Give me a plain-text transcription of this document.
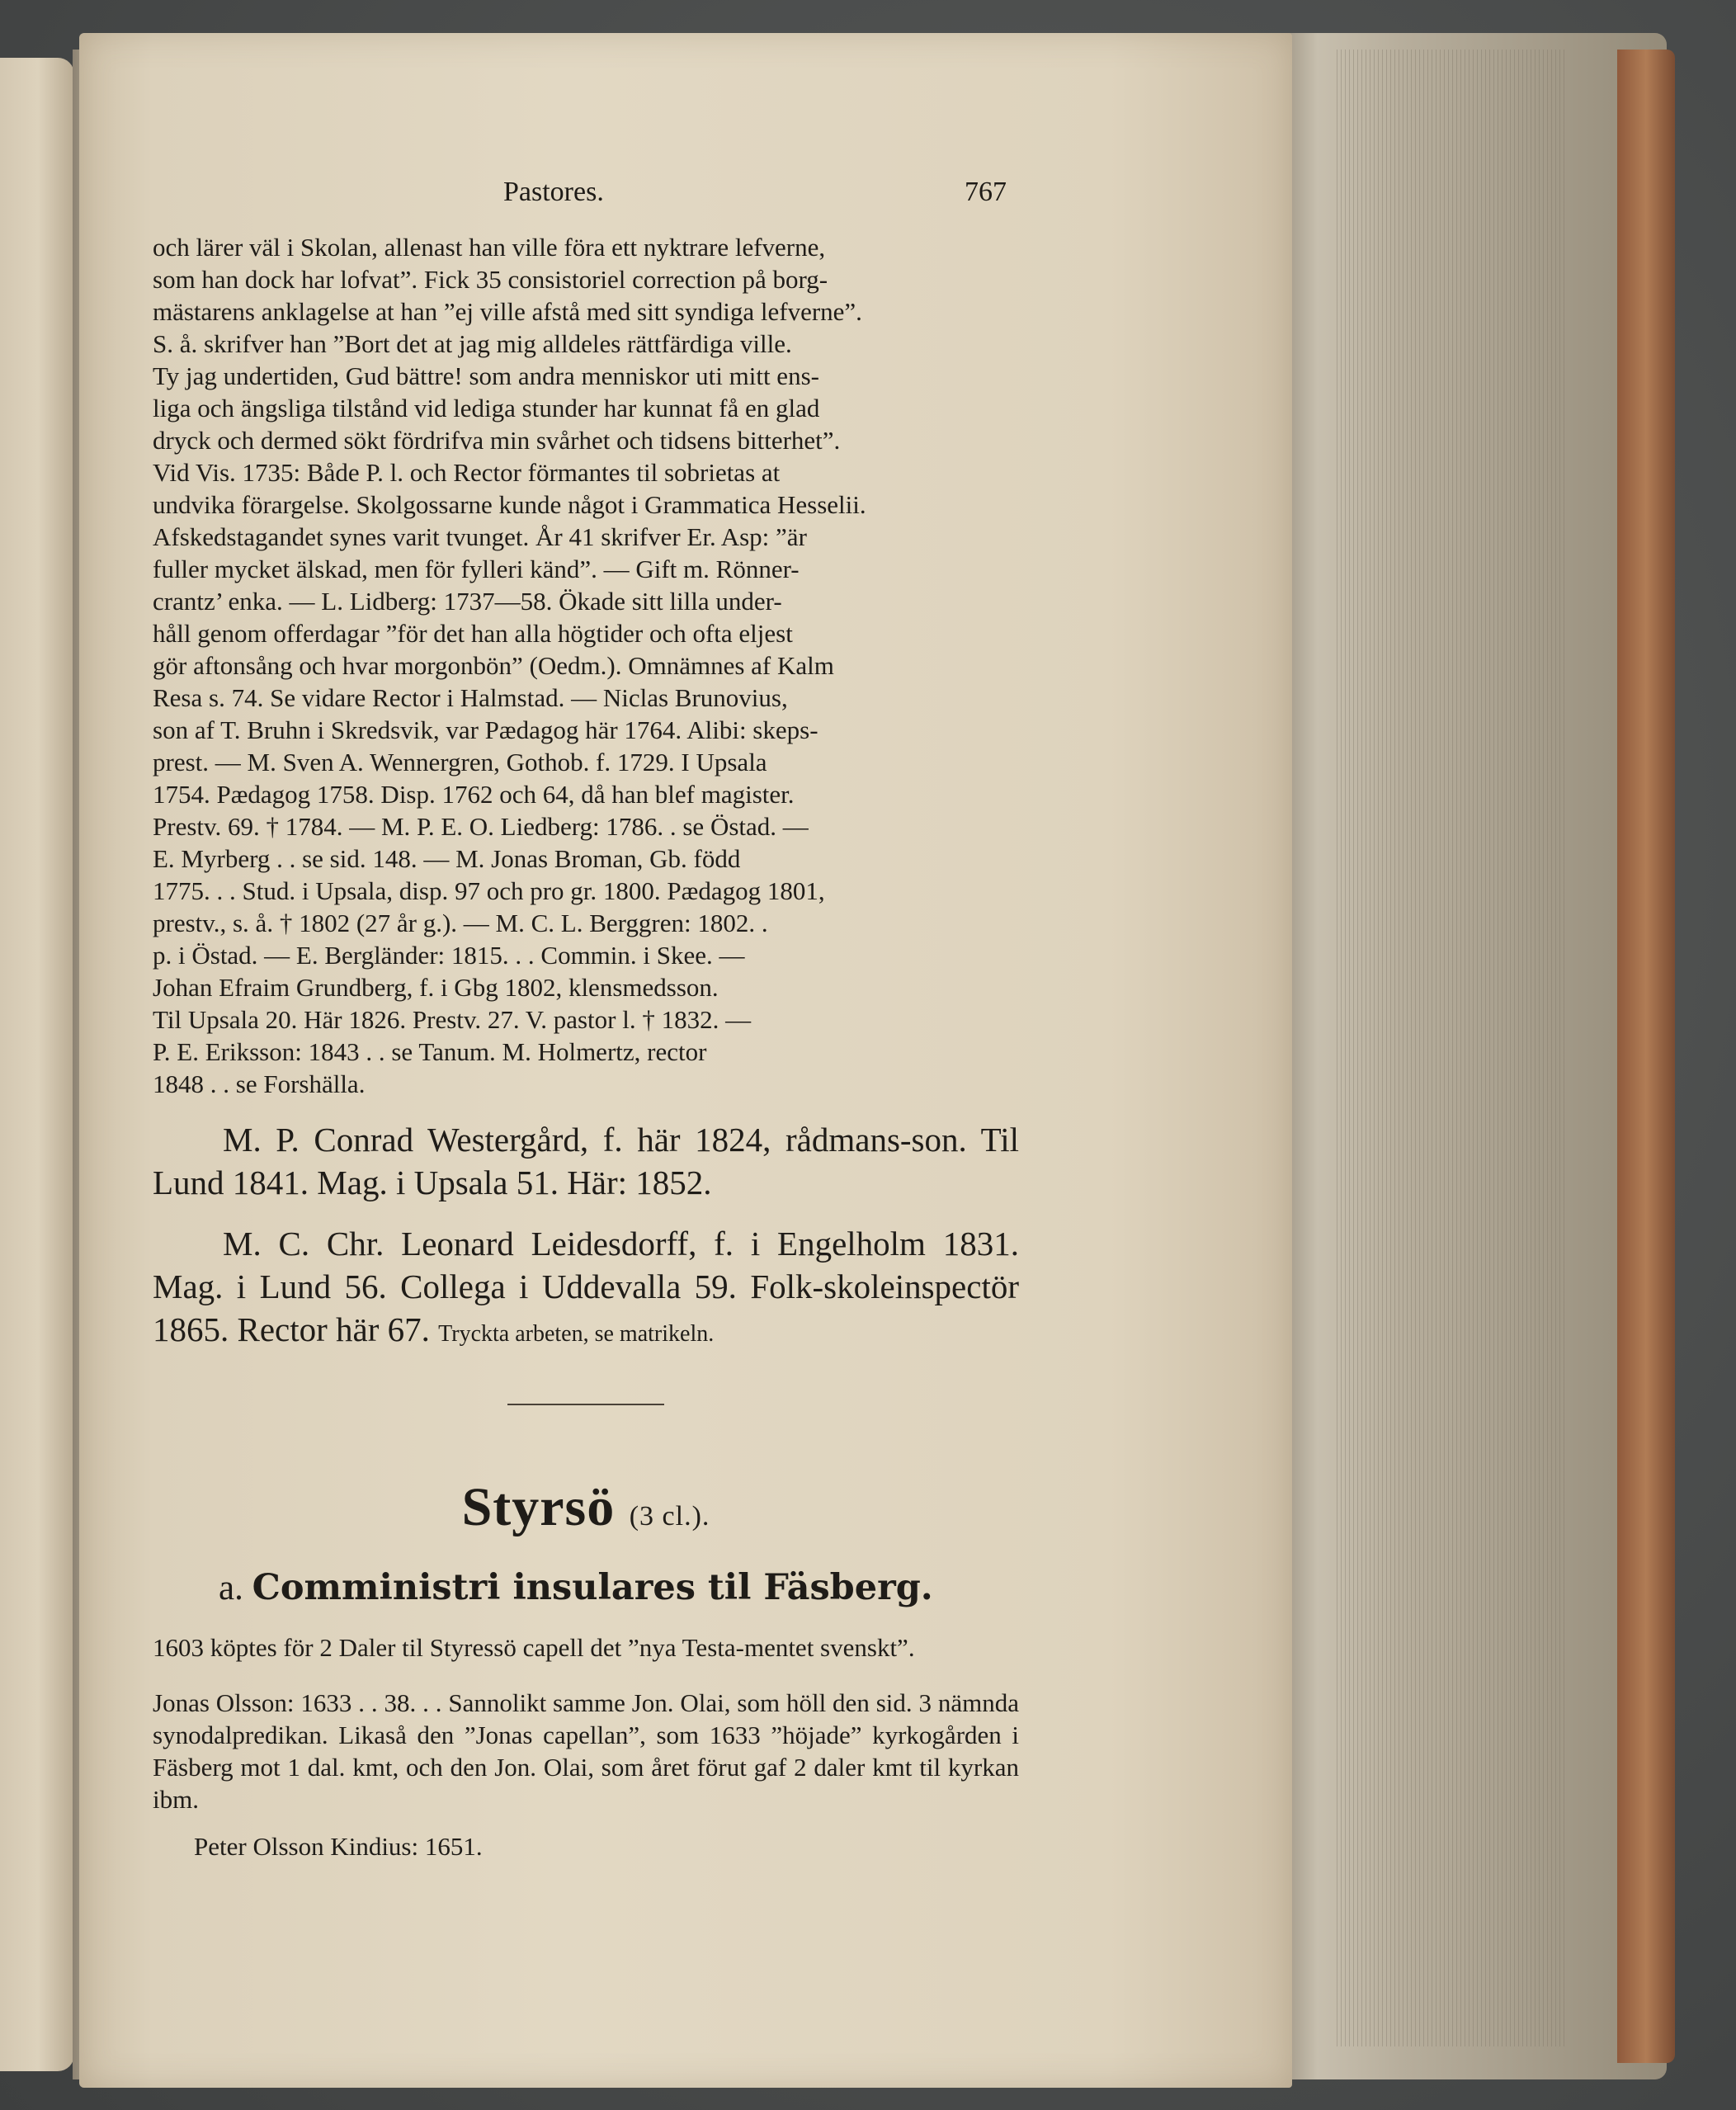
Pastores.	767
och lärer väl i Skolan, allenast han ville föra ett nyktrare lefverne,
som han dock har lofvat”. Fick 35 consistoriel correction på borg-
mästarens anklagelse at han ”ej ville afstå med sitt syndiga lefverne”.
S. å. skrifver han ”Bort det at jag mig alldeles rättfärdiga ville.
Ty jag undertiden, Gud bättre! som andra menniskor uti mitt ens-
liga och ängsliga tilstånd vid lediga stunder har kunnat få en glad
dryck och dermed sökt fördrifva min svårhet och tidsens bitterhet”.
Vid Vis. 1735: Både P. l. och Rector förmantes til sobrietas at
undvika förargelse. Skolgossarne kunde något i Grammatica Hesselii.
Afskedstagandet synes varit tvunget. År 41 skrifver Er. Asp: ”är
fuller mycket älskad, men för fylleri känd”. — Gift m. Rönner-
crantz’ enka. — L. Lidberg: 1737—58. Ökade sitt lilla under-
håll genom offerdagar ”för det han alla högtider och ofta eljest
gör aftonsång och hvar morgonbön” (Oedm.). Omnämnes af Kalm
Resa s. 74. Se vidare Rector i Halmstad. — Niclas Brunovius,
son af T. Bruhn i Skredsvik, var Pædagog här 1764. Alibi: skeps-
prest. — M. Sven A. Wennergren, Gothob. f. 1729. I Upsala
1754. Pædagog 1758. Disp. 1762 och 64, då han blef magister.
Prestv. 69. † 1784. — M. P. E. O. Liedberg: 1786. . se Östad. —
E. Myrberg . . se sid. 148. — M. Jonas Broman, Gb. född
1775. . . Stud. i Upsala, disp. 97 och pro gr. 1800. Pædagog 1801,
prestv., s. å. † 1802 (27 år g.). — M. C. L. Berggren: 1802. .
p. i Östad. — E. Bergländer: 1815. . . Commin. i Skee. —
Johan Efraim Grundberg, f. i Gbg 1802, klensmedsson.
Til Upsala 20. Här 1826. Prestv. 27. V. pastor l. † 1832. —
P. E. Eriksson: 1843 . . se Tanum. M. Holmertz, rector
1848 . . se Forshälla.

M. P. Conrad Westergård, f. här 1824, rådmans-son. Til Lund 1841. Mag. i Upsala 51. Här: 1852.

M. C. Chr. Leonard Leidesdorff, f. i Engelholm 1831. Mag. i Lund 56. Collega i Uddevalla 59. Folk-skoleinspectör 1865. Rector här 67. Tryckta arbeten, se matrikeln.

Styrsö (3 cl.).
a. Comministri insulares til Fäsberg.

1603 köptes för 2 Daler til Styressö capell det ”nya Testa-mentet svenskt”.

Jonas Olsson: 1633 . . 38. . . Sannolikt samme Jon. Olai, som höll den sid. 3 nämnda synodalpredikan. Likaså den ”Jonas capellan”, som 1633 ”höjade” kyrkogården i Fäsberg mot 1 dal. kmt, och den Jon. Olai, som året förut gaf 2 daler kmt til kyrkan ibm.

Peter Olsson Kindius: 1651.
